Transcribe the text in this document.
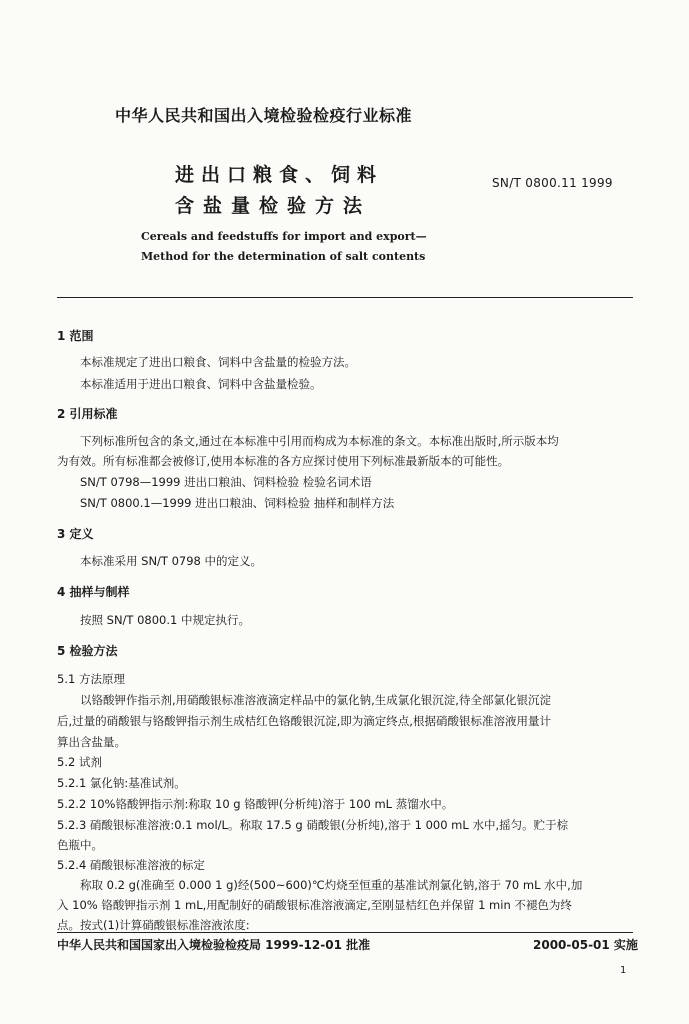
中华人民共和国出入境检验检疫行业标准
进出口粮食、饲料
含盐量检验方法
SN/T 0800.11 1999
Cereals and feedstuffs for import and export—
Method for the determination of salt contents
1 范围
本标准规定了进出口粮食、饲料中含盐量的检验方法。
本标准适用于进出口粮食、饲料中含盐量检验。
2 引用标准
下列标准所包含的条文,通过在本标准中引用而构成为本标准的条文。本标准出版时,所示版本均
为有效。所有标准都会被修订,使用本标准的各方应探讨使用下列标准最新版本的可能性。
SN/T 0798—1999 进出口粮油、饲料检验 检验名词术语
SN/T 0800.1—1999 进出口粮油、饲料检验 抽样和制样方法
3 定义
本标准采用 SN/T 0798 中的定义。
4 抽样与制样
按照 SN/T 0800.1 中规定执行。
5 检验方法
5.1 方法原理
以铬酸钾作指示剂,用硝酸银标准溶液滴定样品中的氯化钠,生成氯化银沉淀,待全部氯化银沉淀
后,过量的硝酸银与铬酸钾指示剂生成桔红色铬酸银沉淀,即为滴定终点,根据硝酸银标准溶液用量计
算出含盐量。
5.2 试剂
5.2.1 氯化钠:基准试剂。
5.2.2 10%铬酸钾指示剂:称取 10 g 铬酸钾(分析纯)溶于 100 mL 蒸馏水中。
5.2.3 硝酸银标准溶液:0.1 mol/L。称取 17.5 g 硝酸银(分析纯),溶于 1 000 mL 水中,摇匀。贮于棕
色瓶中。
5.2.4 硝酸银标准溶液的标定
称取 0.2 g(准确至 0.000 1 g)经(500~600)℃灼烧至恒重的基准试剂氯化钠,溶于 70 mL 水中,加
入 10% 铬酸钾指示剂 1 mL,用配制好的硝酸银标准溶液滴定,至刚显桔红色并保留 1 min 不褪色为终
点。按式(1)计算硝酸银标准溶液浓度:
中华人民共和国国家出入境检验检疫局 1999-12-01 批准	2000-05-01 实施
1
